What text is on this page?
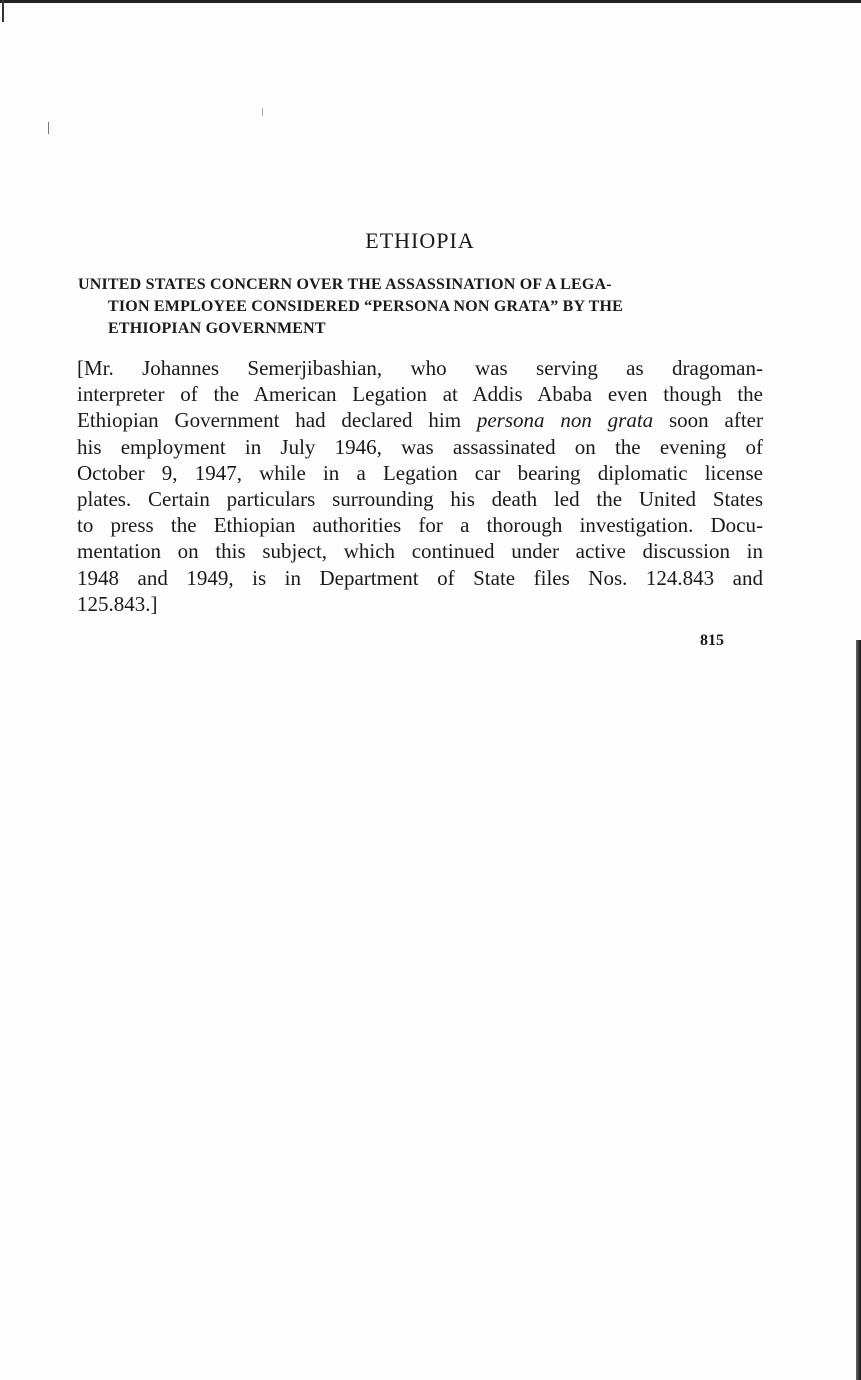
ETHIOPIA
UNITED STATES CONCERN OVER THE ASSASSINATION OF A LEGA-
TION EMPLOYEE CONSIDERED “PERSONA NON GRATA” BY THE
ETHIOPIAN GOVERNMENT
[Mr. Johannes Semerjibashian, who was serving as dragoman-
interpreter of the American Legation at Addis Ababa even though the
Ethiopian Government had declared him persona non grata soon after
his employment in July 1946, was assassinated on the evening of
October 9, 1947, while in a Legation car bearing diplomatic license
plates. Certain particulars surrounding his death led the United States
to press the Ethiopian authorities for a thorough investigation. Docu-
mentation on this subject, which continued under active discussion in
1948 and 1949, is in Department of State files Nos. 124.843 and
125.843.]
815
